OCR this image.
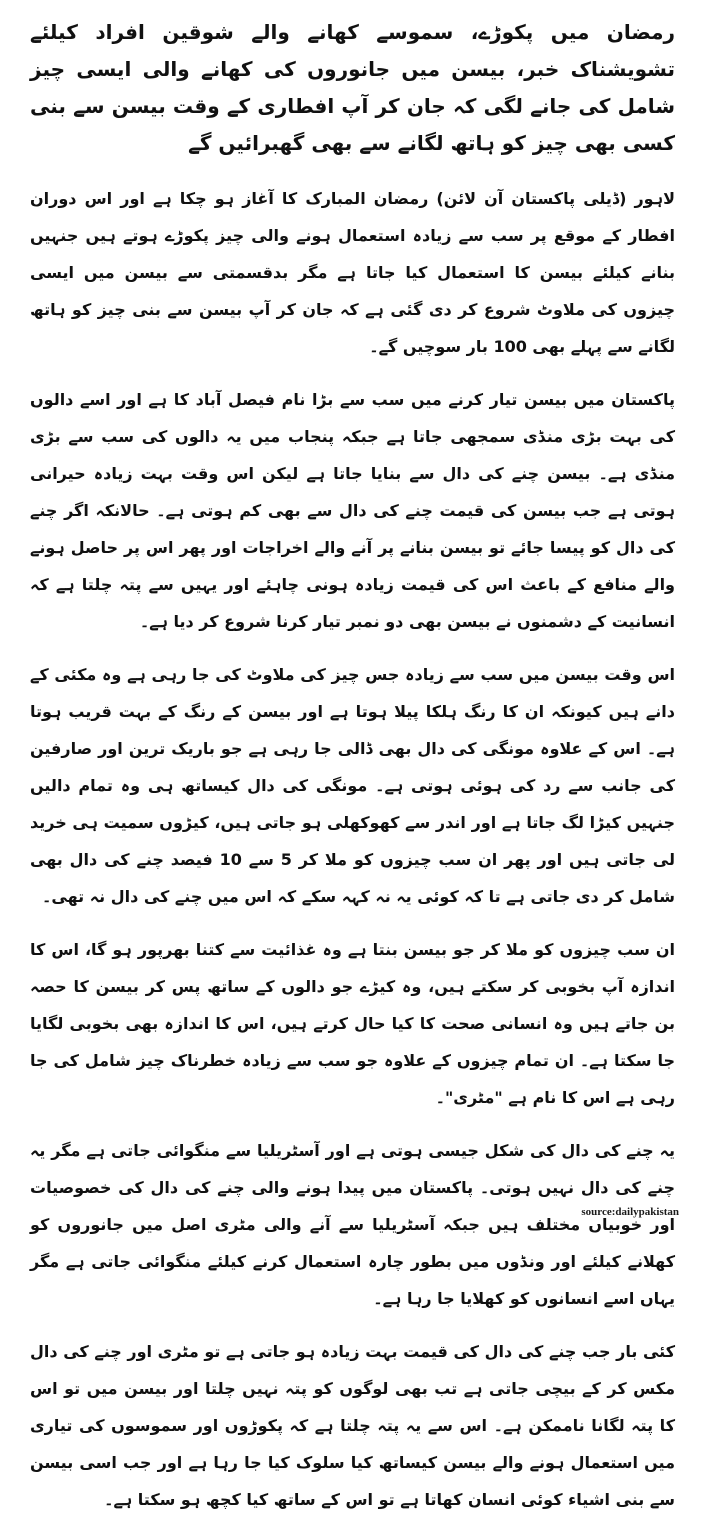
رمضان میں پکوڑے، سموسے کھانے والے شوقین افراد کیلئے تشویشناک خبر، بیسن میں جانوروں کی کھانے والی ایسی چیز شامل کی جانے لگی کہ جان کر آپ افطاری کے وقت بیسن سے بنی کسی بھی چیز کو ہاتھ لگانے سے بھی گھبرائیں گے

لاہور (ڈیلی پاکستان آن لائن) رمضان المبارک کا آغاز ہو چکا ہے اور اس دوران افطار کے موقع پر سب سے زیادہ استعمال ہونے والی چیز پکوڑے ہوتے ہیں جنہیں بنانے کیلئے بیسن کا استعمال کیا جاتا ہے مگر بدقسمتی سے بیسن میں ایسی چیزوں کی ملاوٹ شروع کر دی گئی ہے کہ جان کر آپ بیسن سے بنی چیز کو ہاتھ لگانے سے پہلے بھی 100 بار سوچیں گے۔

پاکستان میں بیسن تیار کرنے میں سب سے بڑا نام فیصل آباد کا ہے اور اسے دالوں کی بہت بڑی منڈی سمجھی جاتا ہے جبکہ پنجاب میں یہ دالوں کی سب سے بڑی منڈی ہے۔ بیسن چنے کی دال سے بنایا جاتا ہے لیکن اس وقت بہت زیادہ حیرانی ہوتی ہے جب بیسن کی قیمت چنے کی دال سے بھی کم ہوتی ہے۔ حالانکہ اگر چنے کی دال کو پیسا جائے تو بیسن بنانے پر آنے والے اخراجات اور پھر اس پر حاصل ہونے والے منافع کے باعث اس کی قیمت زیادہ ہونی چاہئے اور یہیں سے پتہ چلتا ہے کہ انسانیت کے دشمنوں نے بیسن بھی دو نمبر تیار کرنا شروع کر دیا ہے۔

اس وقت بیسن میں سب سے زیادہ جس چیز کی ملاوٹ کی جا رہی ہے وہ مکئی کے دانے ہیں کیونکہ ان کا رنگ ہلکا پیلا ہوتا ہے اور بیسن کے رنگ کے بہت قریب ہوتا ہے۔ اس کے علاوہ مونگی کی دال بھی ڈالی جا رہی ہے جو باریک ترین اور صارفین کی جانب سے رد کی ہوئی ہوتی ہے۔ مونگی کی دال کیساتھ ہی وہ تمام دالیں جنہیں کیڑا لگ جاتا ہے اور اندر سے کھوکھلی ہو جاتی ہیں، کیڑوں سمیت ہی خرید لی جاتی ہیں اور پھر ان سب چیزوں کو ملا کر 5 سے 10 فیصد چنے کی دال بھی شامل کر دی جاتی ہے تا کہ کوئی یہ نہ کہہ سکے کہ اس میں چنے کی دال نہ تھی۔

ان سب چیزوں کو ملا کر جو بیسن بنتا ہے وہ غذائیت سے کتنا بھرپور ہو گا، اس کا اندازہ آپ بخوبی کر سکتے ہیں، وہ کیڑے جو دالوں کے ساتھ پس کر بیسن کا حصہ بن جاتے ہیں وہ انسانی صحت کا کیا حال کرتے ہیں، اس کا اندازہ بھی بخوبی لگایا جا سکتا ہے۔ ان تمام چیزوں کے علاوہ جو سب سے زیادہ خطرناک چیز شامل کی جا رہی ہے اس کا نام ہے "مٹری"۔

یہ چنے کی دال کی شکل جیسی ہوتی ہے اور آسٹریلیا سے منگوائی جاتی ہے مگر یہ چنے کی دال نہیں ہوتی۔ پاکستان میں پیدا ہونے والی چنے کی دال کی خصوصیات اور خوبیاں مختلف ہیں جبکہ آسٹریلیا سے آنے والی مٹری اصل میں جانوروں کو کھلانے کیلئے اور ونڈوں میں بطور چارہ استعمال کرنے کیلئے منگوائی جاتی ہے مگر یہاں اسے انسانوں کو کھلایا جا رہا ہے۔

کئی بار جب چنے کی دال کی قیمت بہت زیادہ ہو جاتی ہے تو مٹری اور چنے کی دال مکس کر کے بیچی جاتی ہے تب بھی لوگوں کو پتہ نہیں چلتا اور بیسن میں تو اس کا پتہ لگانا ناممکن ہے۔ اس سے یہ پتہ چلتا ہے کہ پکوڑوں اور سموسوں کی تیاری میں استعمال ہونے والے بیسن کیساتھ کیا سلوک کیا جا رہا ہے اور جب اسی بیسن سے بنی اشیاء کوئی انسان کھاتا ہے تو اس کے ساتھ کیا کچھ ہو سکتا ہے۔

source:dailypakistan
